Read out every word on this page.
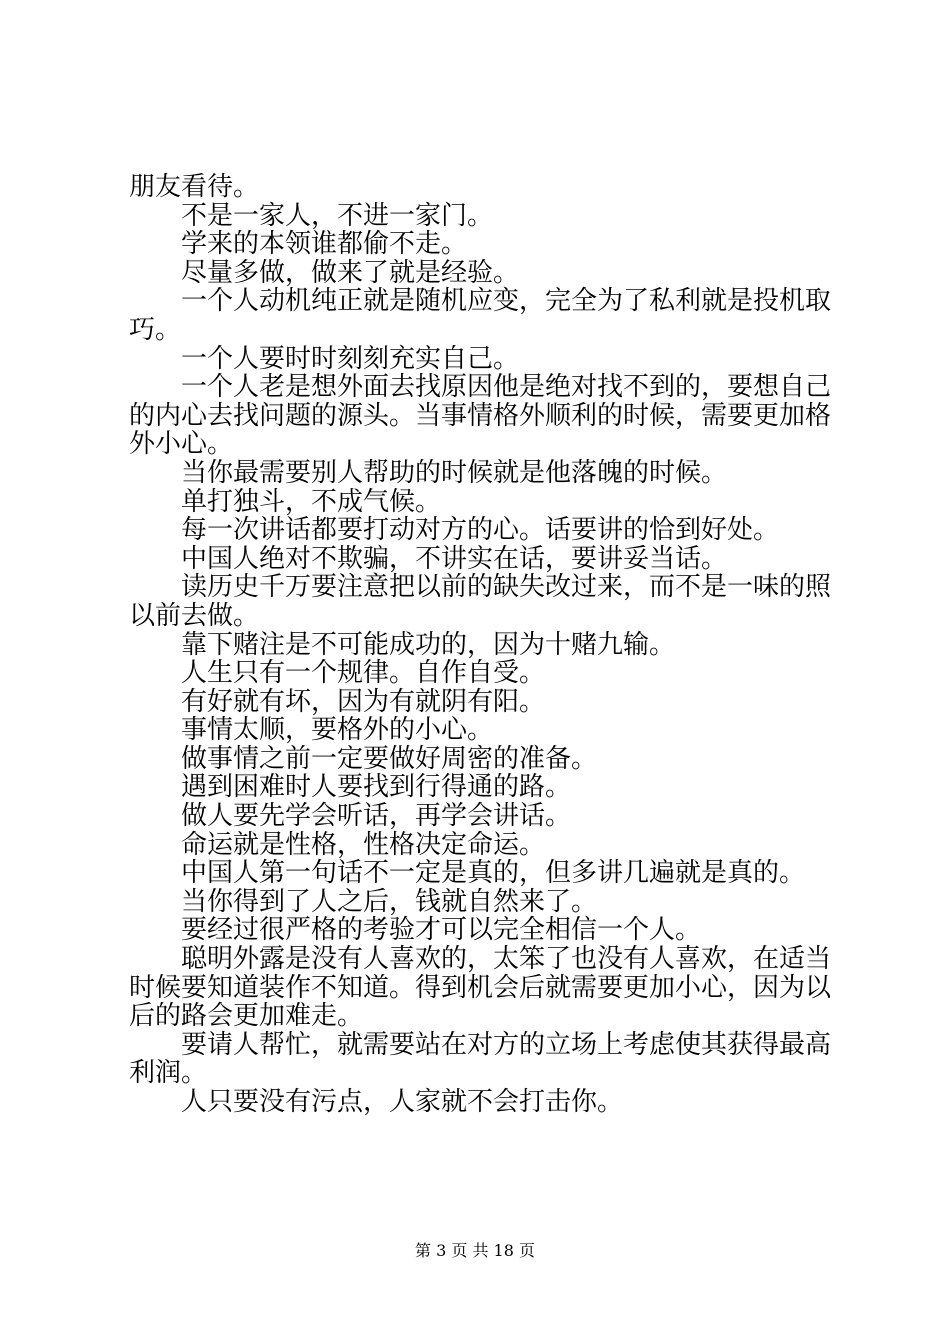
朋友看待。

不是一家人，不进一家门。

学来的本领谁都偷不走。

尽量多做，做来了就是经验。

一个人动机纯正就是随机应变，完全为了私利就是投机取巧。

一个人要时时刻刻充实自己。

一个人老是想外面去找原因他是绝对找不到的，要想自己的内心去找问题的源头。当事情格外顺利的时候，需要更加格外小心。

当你最需要别人帮助的时候就是他落魄的时候。

单打独斗，不成气候。

每一次讲话都要打动对方的心。话要讲的恰到好处。

中国人绝对不欺骗，不讲实在话，要讲妥当话。

读历史千万要注意把以前的缺失改过来，而不是一味的照以前去做。

靠下赌注是不可能成功的，因为十赌九输。

人生只有一个规律。自作自受。

有好就有坏，因为有就阴有阳。

事情太顺，要格外的小心。

做事情之前一定要做好周密的准备。

遇到困难时人要找到行得通的路。

做人要先学会听话，再学会讲话。

命运就是性格，性格决定命运。

中国人第一句话不一定是真的，但多讲几遍就是真的。

当你得到了人之后，钱就自然来了。

要经过很严格的考验才可以完全相信一个人。

聪明外露是没有人喜欢的，太笨了也没有人喜欢，在适当时候要知道装作不知道。得到机会后就需要更加小心，因为以后的路会更加难走。

要请人帮忙，就需要站在对方的立场上考虑使其获得最高利润。

人只要没有污点，人家就不会打击你。

第 3 页 共 18 页
